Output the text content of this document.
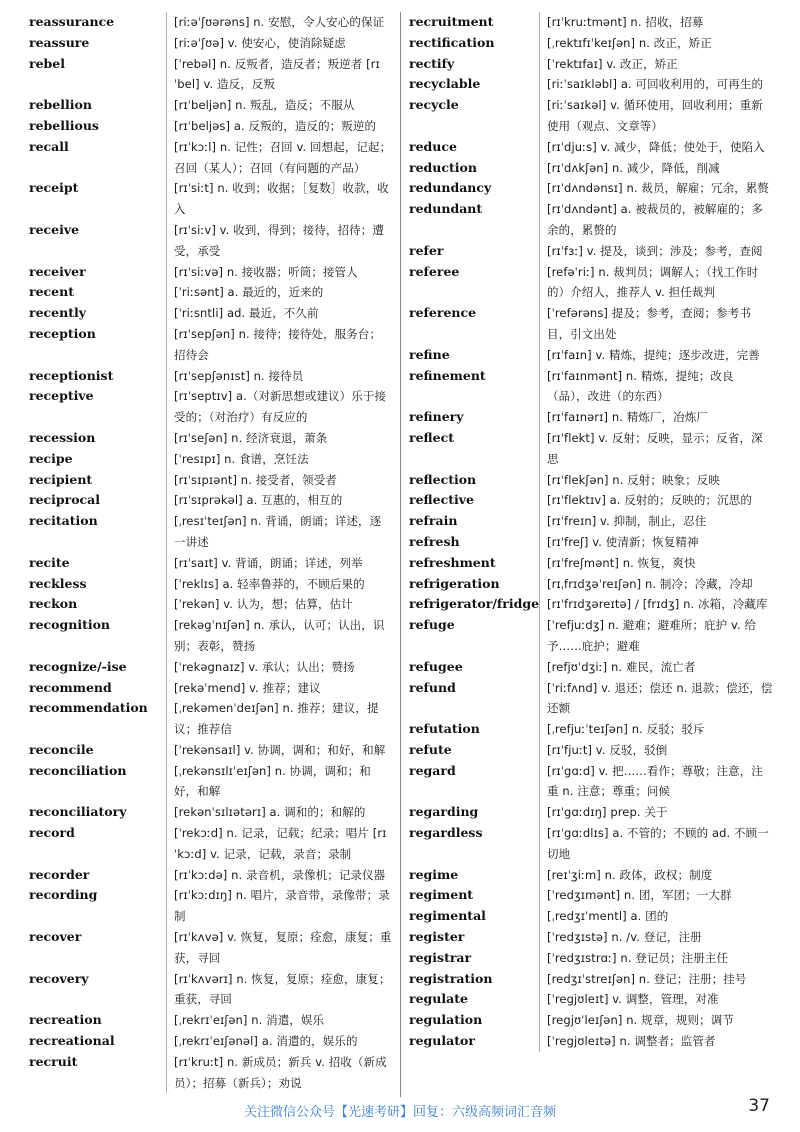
reassurance	[riːəˈʃʊərəns] n. 安慰，令人安心的保证
reassure	[riːəˈʃʊə] v. 使安心，使消除疑虑
rebel	[ˈrebəl] n. 反叛者，造反者；叛逆者 [rɪˈbel] v. 造反，反叛
rebellion	[rɪˈbeljən] n. 叛乱，造反；不服从
rebellious	[rɪˈbeljəs] a. 反叛的，造反的；叛逆的
recall	[rɪˈkɔːl] n. 记性；召回 v. 回想起，记起；召回（某人）；召回（有问题的产品）
receipt	[rɪˈsiːt] n. 收到；收据；［复数］收款，收入
receive	[rɪˈsiːv] v. 收到，得到；接待，招待；遭受，承受
receiver	[rɪˈsiːvə] n. 接收器；听筒；接管人
recent	[ˈriːsənt] a. 最近的，近来的
recently	[ˈriːsntli] ad. 最近，不久前
reception	[rɪˈsepʃən] n. 接待；接待处，服务台；招待会
receptionist	[rɪˈsepʃənɪst] n. 接待员
receptive	[rɪˈseptɪv] a.（对新思想或建议）乐于接受的；（对治疗）有反应的
recession	[rɪˈseʃən] n. 经济衰退，萧条
recipe	[ˈresɪpɪ] n. 食谱，烹饪法
recipient	[rɪˈsɪpɪənt] n. 接受者，领受者
reciprocal	[rɪˈsɪprəkəl] a. 互惠的，相互的
recitation	[ˌresɪˈteɪʃən] n. 背诵，朗诵；详述，逐一讲述
recite	[rɪˈsaɪt] v. 背诵，朗诵；详述，列举
reckless	[ˈreklɪs] a. 轻率鲁莽的，不顾后果的
reckon	[ˈrekən] v. 认为，想；估算，估计
recognition	[rekəgˈnɪʃən] n. 承认，认可；认出，识别；表彰，赞扬
recognize/-ise	[ˈrekəgnaɪz] v. 承认；认出；赞扬
recommend	[rekəˈmend] v. 推荐；建议
recommendation	[ˌrekəmenˈdeɪʃən] n. 推荐；建议，提议；推荐信
reconcile	[ˈrekənsaɪl] v. 协调，调和；和好，和解
reconciliation	[ˌrekənsɪlɪˈeɪʃən] n. 协调，调和；和好，和解
reconciliatory	[rekənˈsɪlɪətərɪ] a. 调和的；和解的
record	[ˈrekɔːd] n. 记录，记载；纪录；唱片 [rɪˈkɔːd] v. 记录，记载，录音；录制
recorder	[rɪˈkɔːdə] n. 录音机，录像机；记录仪器
recording	[rɪˈkɔːdɪŋ] n. 唱片，录音带，录像带；录制
recover	[rɪˈkʌvə] v. 恢复，复原；痊愈，康复；重获，寻回
recovery	[rɪˈkʌvərɪ] n. 恢复，复原；痊愈，康复；重获，寻回
recreation	[ˌrekrɪˈeɪʃən] n. 消遣，娱乐
recreational	[ˌrekrɪˈeɪʃənəl] a. 消遣的，娱乐的
recruit	[rɪˈkruːt] n. 新成员；新兵 v. 招收（新成员）；招募（新兵）；劝说
recruitment	[rɪˈkruːtmənt] n. 招收，招募
rectification	[ˌrektɪfɪˈkeɪʃən] n. 改正，矫正
rectify	[ˈrektɪfaɪ] v. 改正，矫正
recyclable	[riːˈsaɪkləbl] a. 可回收利用的，可再生的
recycle	[riːˈsaɪkəl] v. 循环使用，回收利用；重新使用（观点、文章等）
reduce	[rɪˈdjuːs] v. 减少，降低；使处于，使陷入
reduction	[rɪˈdʌkʃən] n. 减少，降低，削减
redundancy	[rɪˈdʌndənsɪ] n. 裁员，解雇；冗余，累赘
redundant	[rɪˈdʌndənt] a. 被裁员的，被解雇的；多余的，累赘的
refer	[rɪˈfɜː] v. 提及，谈到；涉及；参考，查阅
referee	[refəˈriː] n. 裁判员；调解人；（找工作时的）介绍人，推荐人 v. 担任裁判
reference	[ˈrefərəns] 提及；参考，查阅；参考书目，引文出处
refine	[rɪˈfaɪn] v. 精炼，提纯；逐步改进，完善
refinement	[rɪˈfaɪnmənt] n. 精炼，提纯；改良（品），改进（的东西）
refinery	[rɪˈfaɪnərɪ] n. 精炼厂，冶炼厂
reflect	[rɪˈflekt] v. 反射；反映，显示；反省，深思
reflection	[rɪˈflekʃən] n. 反射；映象；反映
reflective	[rɪˈflektɪv] a. 反射的；反映的；沉思的
refrain	[rɪˈfreɪn] v. 抑制，制止，忍住
refresh	[rɪˈfreʃ] v. 使清新；恢复精神
refreshment	[rɪˈfreʃmənt] n. 恢复，爽快
refrigeration	[rɪˌfrɪdʒəˈreɪʃən] n. 制冷；冷藏，冷却
refrigerator/fridge [rɪˈfrɪdʒəreɪtə] / [frɪdʒ] n. 冰箱，冷藏库
refuge	[ˈrefjuːdʒ] n. 避难；避难所；庇护 v. 给予……庇护；避难
refugee	[refjʊˈdʒiː] n. 难民，流亡者
refund	[ˈriːfʌnd] v. 退还；偿还 n. 退款；偿还，偿还额
refutation	[ˌrefjuːˈteɪʃən] n. 反驳；驳斥
refute	[rɪˈfjuːt] v. 反驳，驳倒
regard	[rɪˈgɑːd] v. 把……看作；尊敬；注意，注重 n. 注意；尊重；问候
regarding	[rɪˈgɑːdɪŋ] prep. 关于
regardless	[rɪˈgɑːdlɪs] a. 不管的；不顾的 ad. 不顾一切地
regime	[reɪˈʒiːm] n. 政体，政权；制度
regiment	[ˈredʒɪmənt] n. 团，军团；一大群
regimental	[ˌredʒɪˈmentl] a. 团的
register	[ˈredʒɪstə] n. /v. 登记，注册
registrar	[ˈredʒɪstrɑː] n. 登记员；注册主任
registration	[redʒɪˈstreɪʃən] n. 登记；注册；挂号
regulate	[ˈregjʊleɪt] v. 调整，管理，对准
regulation	[regjʊˈleɪʃən] n. 规章，规则；调节
regulator	[ˈregjʊleɪtə] n. 调整者；监管者
关注微信公众号【光速考研】回复：六级高频词汇音频	37
